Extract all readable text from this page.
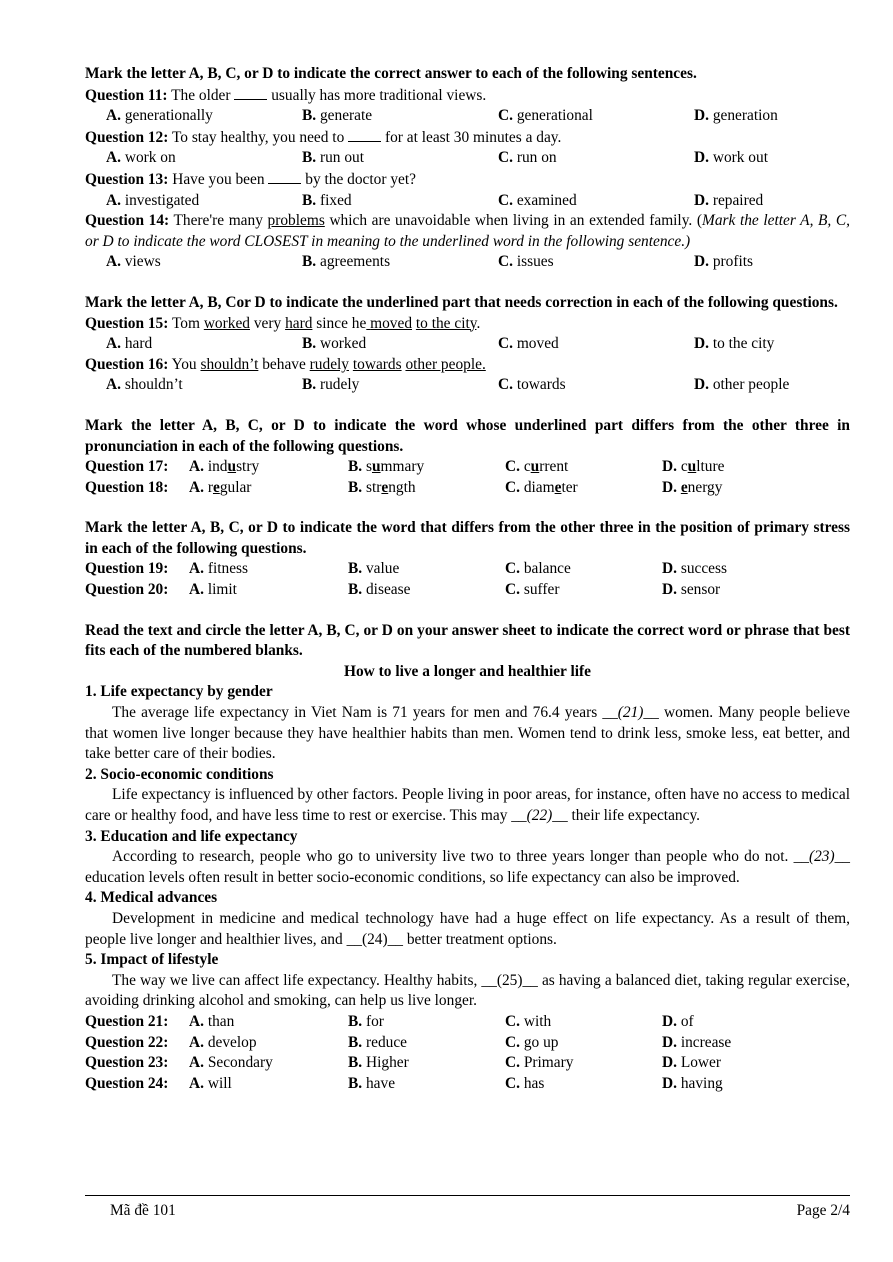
Mark the letter A, B, C, or D to indicate the correct answer to each of the following sentences.

Question 11: The older	usually has more traditional views.

A. generationally	B. generate	C. generational	D. generation

Question 12: To stay healthy, you need to	for at least 30 minutes a day.

A. work on	B. run out	C. run on	D. work out

Question 13: Have you been	by the doctor yet?

A. investigated	B. fixed	C. examined	D. repaired

Question 14: There're many problems which are unavoidable when living in an extended family. (Mark the letter A, B, C, or D to indicate the word CLOSEST in meaning to the underlined word in the following sentence.)

A. views	B. agreements	C. issues	D. profits

Mark the letter A, B, Cor D to indicate the underlined part that needs correction in each of the following questions.

Question 15: Tom worked very hard since he moved to the city.

A. hard	B. worked	C. moved	D. to the city

Question 16: You shouldn’t behave rudely towards other people.

A. shouldn’t	B. rudely	C. towards	D. other people

Mark the letter A, B, C, or D to indicate the word whose underlined part differs from the other three in pronunciation in each of the following questions.

Question 17:	A. industry	B. summary	C. current	D. culture
Question 18:	A. regular	B. strength	C. diameter	D. energy

Mark the letter A, B, C, or D to indicate the word that differs from the other three in the position of primary stress in each of the following questions.

Question 19:	A. fitness	B. value	C. balance	D. success
Question 20:	A. limit	B. disease	C. suffer	D. sensor

Read the text and circle the letter A, B, C, or D on your answer sheet to indicate the correct word or phrase that best fits each of the numbered blanks.

How to live a longer and healthier life

1. Life expectancy by gender

The average life expectancy in Viet Nam is 71 years for men and 76.4 years __(21)__ women. Many people believe that women live longer because they have healthier habits than men. Women tend to drink less, smoke less, eat better, and take better care of their bodies.

2. Socio-economic conditions

Life expectancy is influenced by other factors. People living in poor areas, for instance, often have no access to medical care or healthy food, and have less time to rest or exercise. This may __(22)__ their life expectancy.

3. Education and life expectancy

According to research, people who go to university live two to three years longer than people who do not. __(23)__ education levels often result in better socio-economic conditions, so life expectancy can also be improved.

4. Medical advances

Development in medicine and medical technology have had a huge effect on life expectancy. As a result of them, people live longer and healthier lives, and __(24)__ better treatment options.

5. Impact of lifestyle

The way we live can affect life expectancy. Healthy habits, __(25)__ as having a balanced diet, taking regular exercise, avoiding drinking alcohol and smoking, can help us live longer.

Question 21:	A. than	B. for	C. with	D. of
Question 22:	A. develop	B. reduce	C. go up	D. increase
Question 23:	A. Secondary	B. Higher	C. Primary	D. Lower
Question 24:	A. will	B. have	C. has	D. having
Mã đề 101	Page 2/4
